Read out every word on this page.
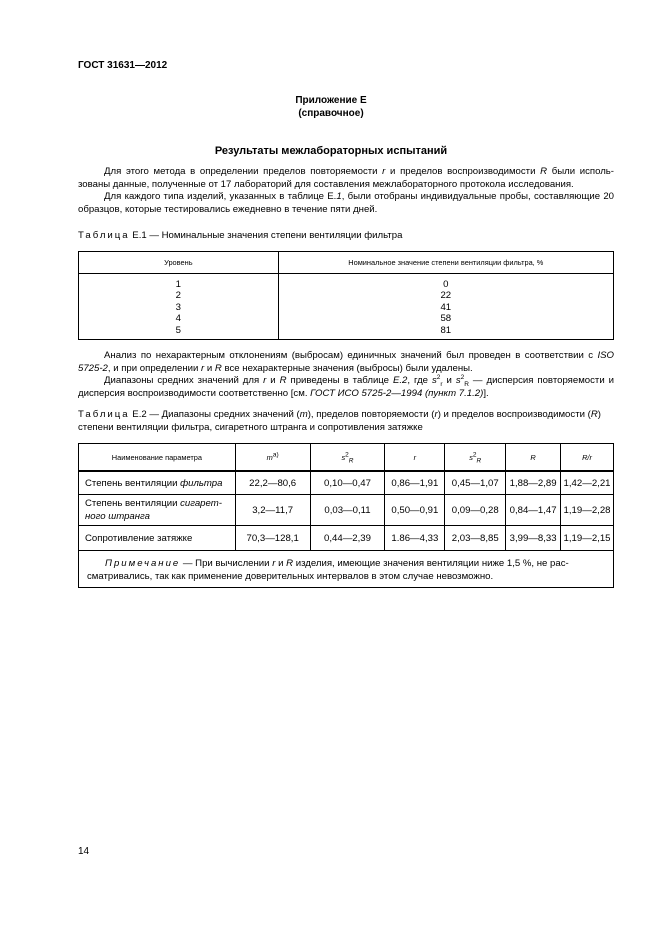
ГОСТ 31631—2012
Приложение Е
(справочное)
Результаты межлабораторных испытаний

Для этого метода в определении пределов повторяемости r и пределов воспроизводимости R были исполь-зованы данные, полученные от 17 лабораторий для составления межлабораторного протокола исследования.

Для каждого типа изделий, указанных в таблице Е.1, были отобраны индивидуальные пробы, составляющие 20 образцов, которые тестировались ежедневно в течение пяти дней.

Таблица Е.1 — Номинальные значения степени вентиляции фильтра
Уровень	Номинальное значение степени вентиляции фильтра, %
1	0
2	22
3	41
4	58
5	81

Анализ по нехарактерным отклонениям (выбросам) единичных значений был проведен в соответствии с ISO 5725-2, и при определении r и R все нехарактерные значения (выбросы) были удалены.

Диапазоны средних значений для r и R приведены в таблице Е.2, где $s^2_r$ и $s^2_R$ — дисперсия повторяемости и дисперсия воспроизводимости соответственно [см. ГОСТ ИСО 5725-2—1994 (пункт 7.1.2)].

Таблица Е.2 — Диапазоны средних значений (m), пределов повторяемости (r) и пределов воспроизводимости (R) степени вентиляции фильтра, сигаретного штранга и сопротивления затяжке
Наименование параметра	$m^{a)}$	$s^2_R$	r	$s^2_R$	R	R/r
Степень вентиляции фильтра	22,2—80,6	0,10—0,47	0,86—1,91	0,45—1,07	1,88—2,89	1,42—2,21
Степень вентиляции сигарет-ного штранга	3,2—11,7	0,03—0,11	0,50—0,91	0,09—0,28	0,84—1,47	1,19—2,28
Сопротивление затяжке	70,3—128,1	0,44—2,39	1.86—4,33	2,03—8,85	3,99—8,33	1,19—2,15
Примечание — При вычислении r и R изделия, имеющие значения вентиляции ниже 1,5 %, не рас-сматривались, так как применение доверительных интервалов в этом случае невозможно.						
14
